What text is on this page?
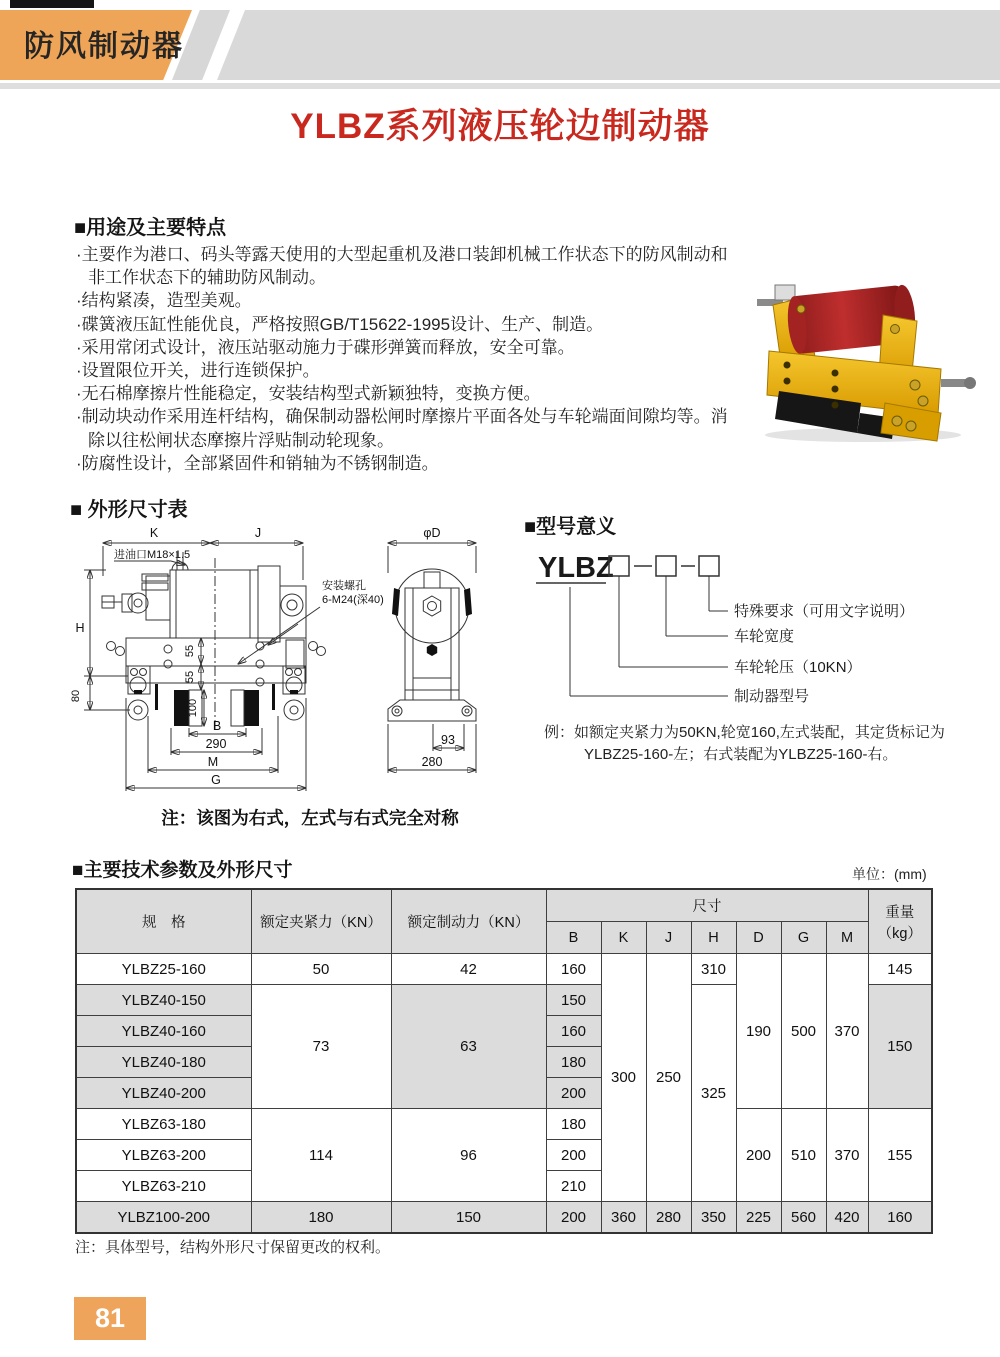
防风制动器
YLBZ系列液压轮边制动器
■用途及主要特点

·主要作为港口、码头等露天使用的大型起重机及港口装卸机械工作状态下的防风制动和非工作状态下的辅助防风制动。

·结构紧凑，造型美观。

·碟簧液压缸性能优良，严格按照GB/T15622-1995设计、生产、制造。

·采用常闭式设计，液压站驱动施力于碟形弹簧而释放，安全可靠。

·设置限位开关，进行连锁保护。

·无石棉摩擦片性能稳定，安装结构型式新颖独特，变换方便。

·制动块动作采用连杆结构，确保制动器松闸时摩擦片平面各处与车轮端面间隙均等。消除以往松闸状态摩擦片浮贴制动轮现象。

·防腐性设计，全部紧固件和销轴为不锈钢制造。

■ 外形尺寸表
K	J
进油口M18×1.5
H
80
55
55
100
安装螺孔
6-M24(深40)
B
290
M
G
φD
93
280
注：该图为右式，左式与右式完全对称
■型号意义
YLBZ
特殊要求（可用文字说明）
车轮宽度
车轮轮压（10KN）
制动器型号

例：如额定夹紧力为50KN,轮宽160,左式装配，其定货标记为

YLBZ25-160-左；右式装配为YLBZ25-160-右。

■主要技术参数及外形尺寸	单位：(mm)
规　格	额定夹紧力（KN）	额定制动力（KN）	尺寸							重量（kg）
			B	K	J	H	D	G	M	
YLBZ25-160	50	42	160	300	250	310	190	500	370	145
YLBZ40-150	73	63	150			325				150
YLBZ40-160			160							
YLBZ40-180			180							
YLBZ40-200			200							
YLBZ63-180	114	96	180				200	510	370	155
YLBZ63-200			200							
YLBZ63-210			210							
YLBZ100-200	180	150	200	360	280	350	225	560	420	160
注：具体型号，结构外形尺寸保留更改的权利。
81
